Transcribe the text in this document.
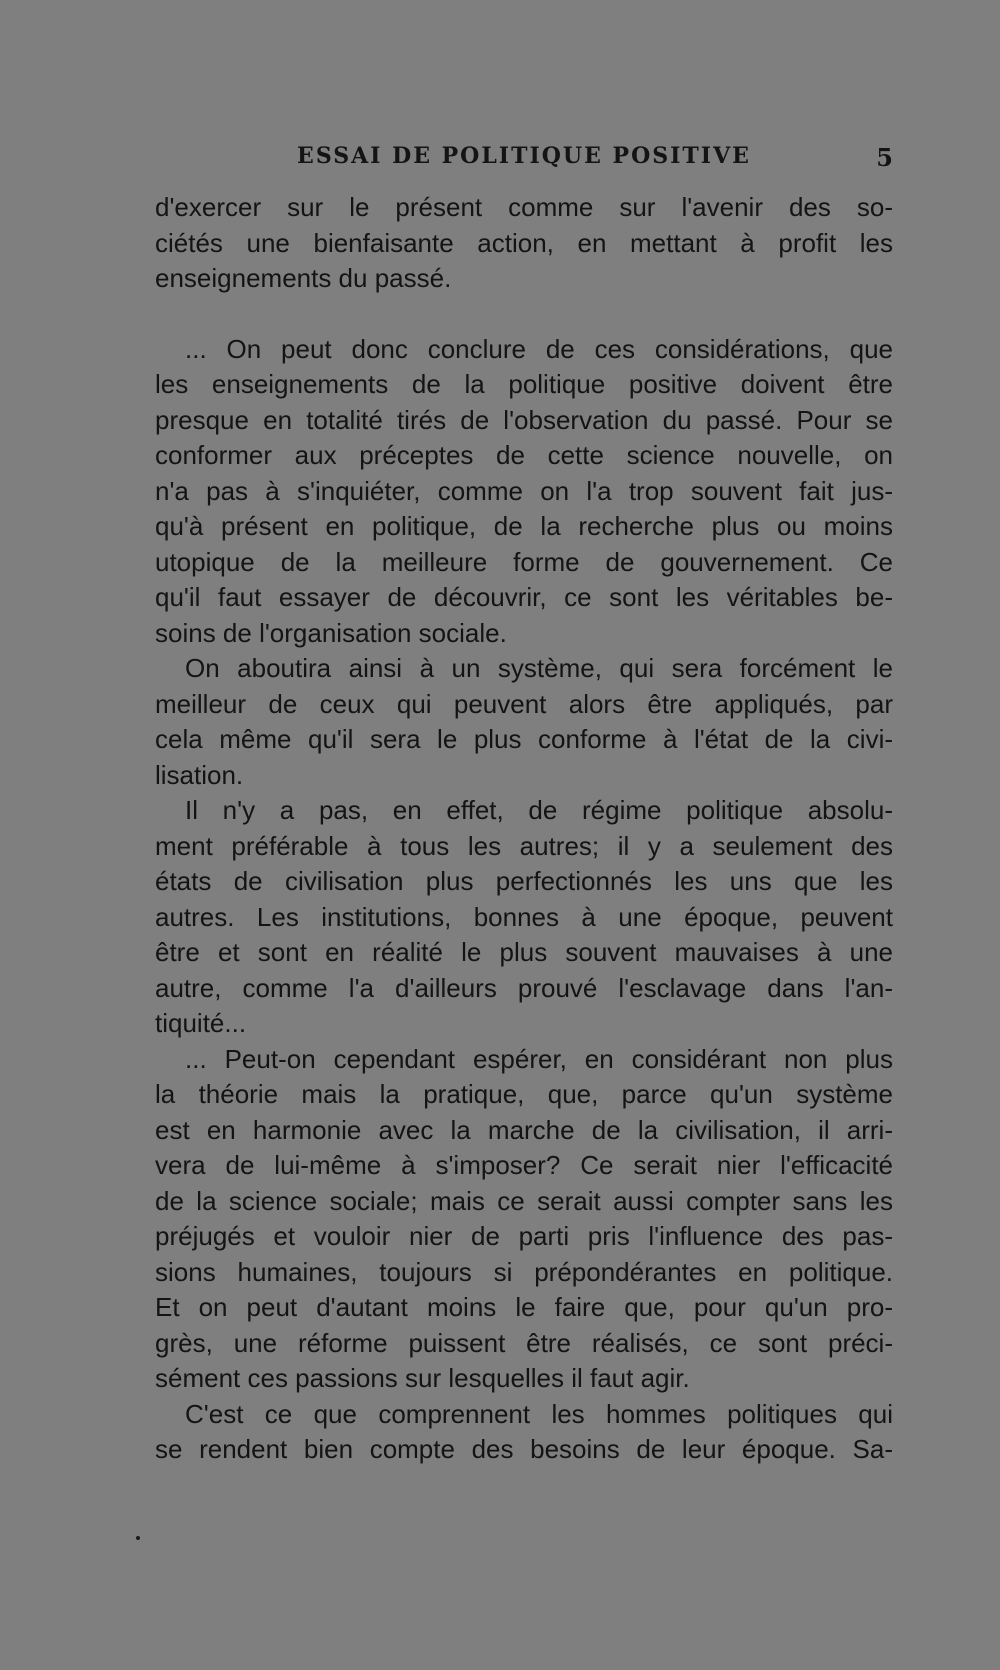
ESSAI DE POLITIQUE POSITIVE	5
d'exercer sur le présent comme sur l'avenir des so-
ciétés une bienfaisante action, en mettant à profit les
enseignements du passé.
... On peut donc conclure de ces considérations, que
les enseignements de la politique positive doivent être
presque en totalité tirés de l'observation du passé. Pour se
conformer aux préceptes de cette science nouvelle, on
n'a pas à s'inquiéter, comme on l'a trop souvent fait jus-
qu'à présent en politique, de la recherche plus ou moins
utopique de la meilleure forme de gouvernement. Ce
qu'il faut essayer de découvrir, ce sont les véritables be-
soins de l'organisation sociale.
On aboutira ainsi à un système, qui sera forcément le
meilleur de ceux qui peuvent alors être appliqués, par
cela même qu'il sera le plus conforme à l'état de la civi-
lisation.
Il n'y a pas, en effet, de régime politique absolu-
ment préférable à tous les autres; il y a seulement des
états de civilisation plus perfectionnés les uns que les
autres. Les institutions, bonnes à une époque, peuvent
être et sont en réalité le plus souvent mauvaises à une
autre, comme l'a d'ailleurs prouvé l'esclavage dans l'an-
tiquité...
... Peut-on cependant espérer, en considérant non plus
la théorie mais la pratique, que, parce qu'un système
est en harmonie avec la marche de la civilisation, il arri-
vera de lui-même à s'imposer? Ce serait nier l'efficacité
de la science sociale; mais ce serait aussi compter sans les
préjugés et vouloir nier de parti pris l'influence des pas-
sions humaines, toujours si prépondérantes en politique.
Et on peut d'autant moins le faire que, pour qu'un pro-
grès, une réforme puissent être réalisés, ce sont préci-
sément ces passions sur lesquelles il faut agir.
C'est ce que comprennent les hommes politiques qui
se rendent bien compte des besoins de leur époque. Sa-
